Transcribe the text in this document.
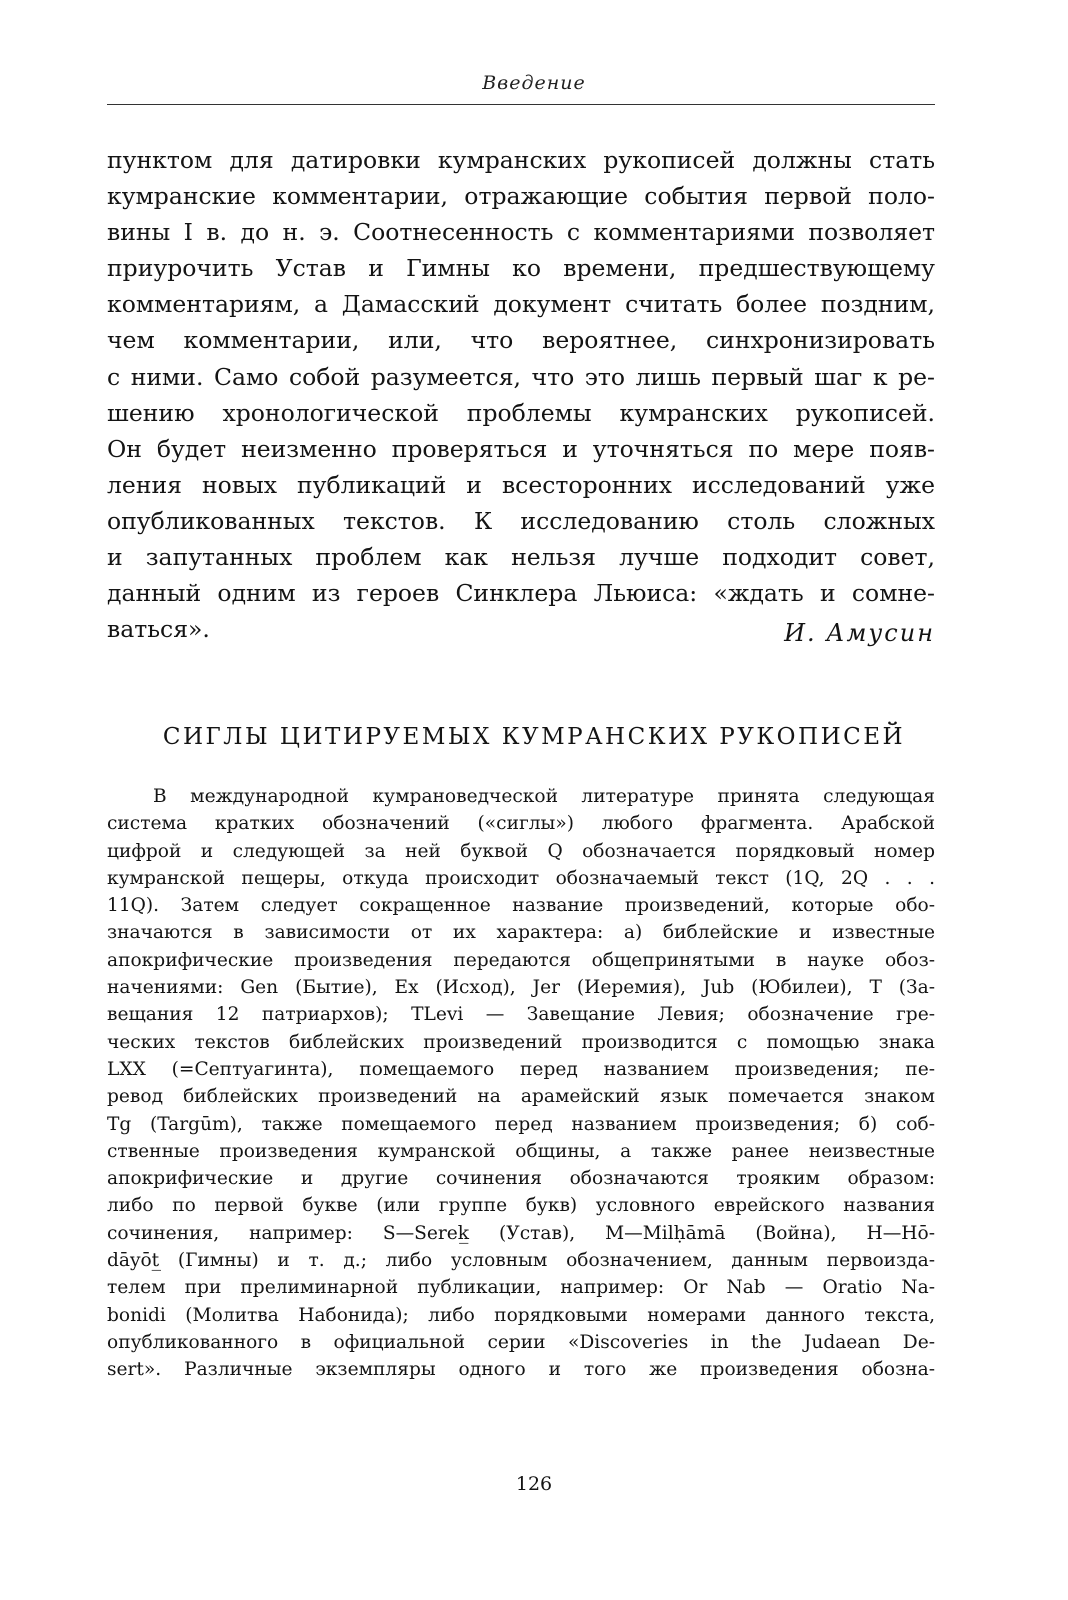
Введение
пунктом для датировки кумранских рукописей должны стать
кумранские комментарии, отражающие события первой поло-
вины I в. до н. э. Соотнесенность с комментариями позволяет
приурочить Устав и Гимны ко времени, предшествующему
комментариям, а Дамасский документ считать более поздним,
чем комментарии, или, что вероятнее, синхронизировать
с ними. Само собой разумеется, что это лишь первый шаг к ре-
шению хронологической проблемы кумранских рукописей.
Он будет неизменно проверяться и уточняться по мере появ-
ления новых публикаций и всесторонних исследований уже
опубликованных текстов. К исследованию столь сложных
и запутанных проблем как нельзя лучше подходит совет,
данный одним из героев Синклера Льюиса: «ждать и сомне-
ваться».	И. Амусин
СИГЛЫ ЦИТИРУЕМЫХ КУМРАНСКИХ РУКОПИСЕЙ
В международной кумрановедческой литературе принята следующая
система кратких обозначений («сиглы») любого фрагмента. Арабской
цифрой и следующей за ней буквой Q обозначается порядковый номер
кумранской пещеры, откуда происходит обозначаемый текст (1Q, 2Q . . .
11Q). Затем следует сокращенное название произведений, которые обо-
значаются в зависимости от их характера: а) библейские и известные
апокрифические произведения передаются общепринятыми в науке обоз-
начениями: Gen (Бытие), Ex (Исход), Jer (Иеремия), Jub (Юбилеи), T (За-
вещания 12 патриархов); TLevi — Завещание Левия; обозначение гре-
ческих текстов библейских произведений производится с помощью знака
LXX (=Септуагинта), помещаемого перед названием произведения; пе-
ревод библейских произведений на арамейский язык помечается знаком
Tg (Targūm), также помещаемого перед названием произведения; б) соб-
ственные произведения кумранской общины, а также ранее неизвестные
апокрифические и другие сочинения обозначаются трояким образом:
либо по первой букве (или группе букв) условного еврейского названия
сочинения, например: S—Serek̲ (Устав), M—Milḥāmā (Война), H—Hō-
dāyōt̲ (Гимны) и т. д.; либо условным обозначением, данным первоизда-
телем при прелиминарной публикации, например: Or Nab — Oratio Na-
bonidi (Молитва Набонида); либо порядковыми номерами данного текста,
опубликованного в официальной серии «Discoveries in the Judaean De-
sert». Различные экземпляры одного и того же произведения обозна-
126
